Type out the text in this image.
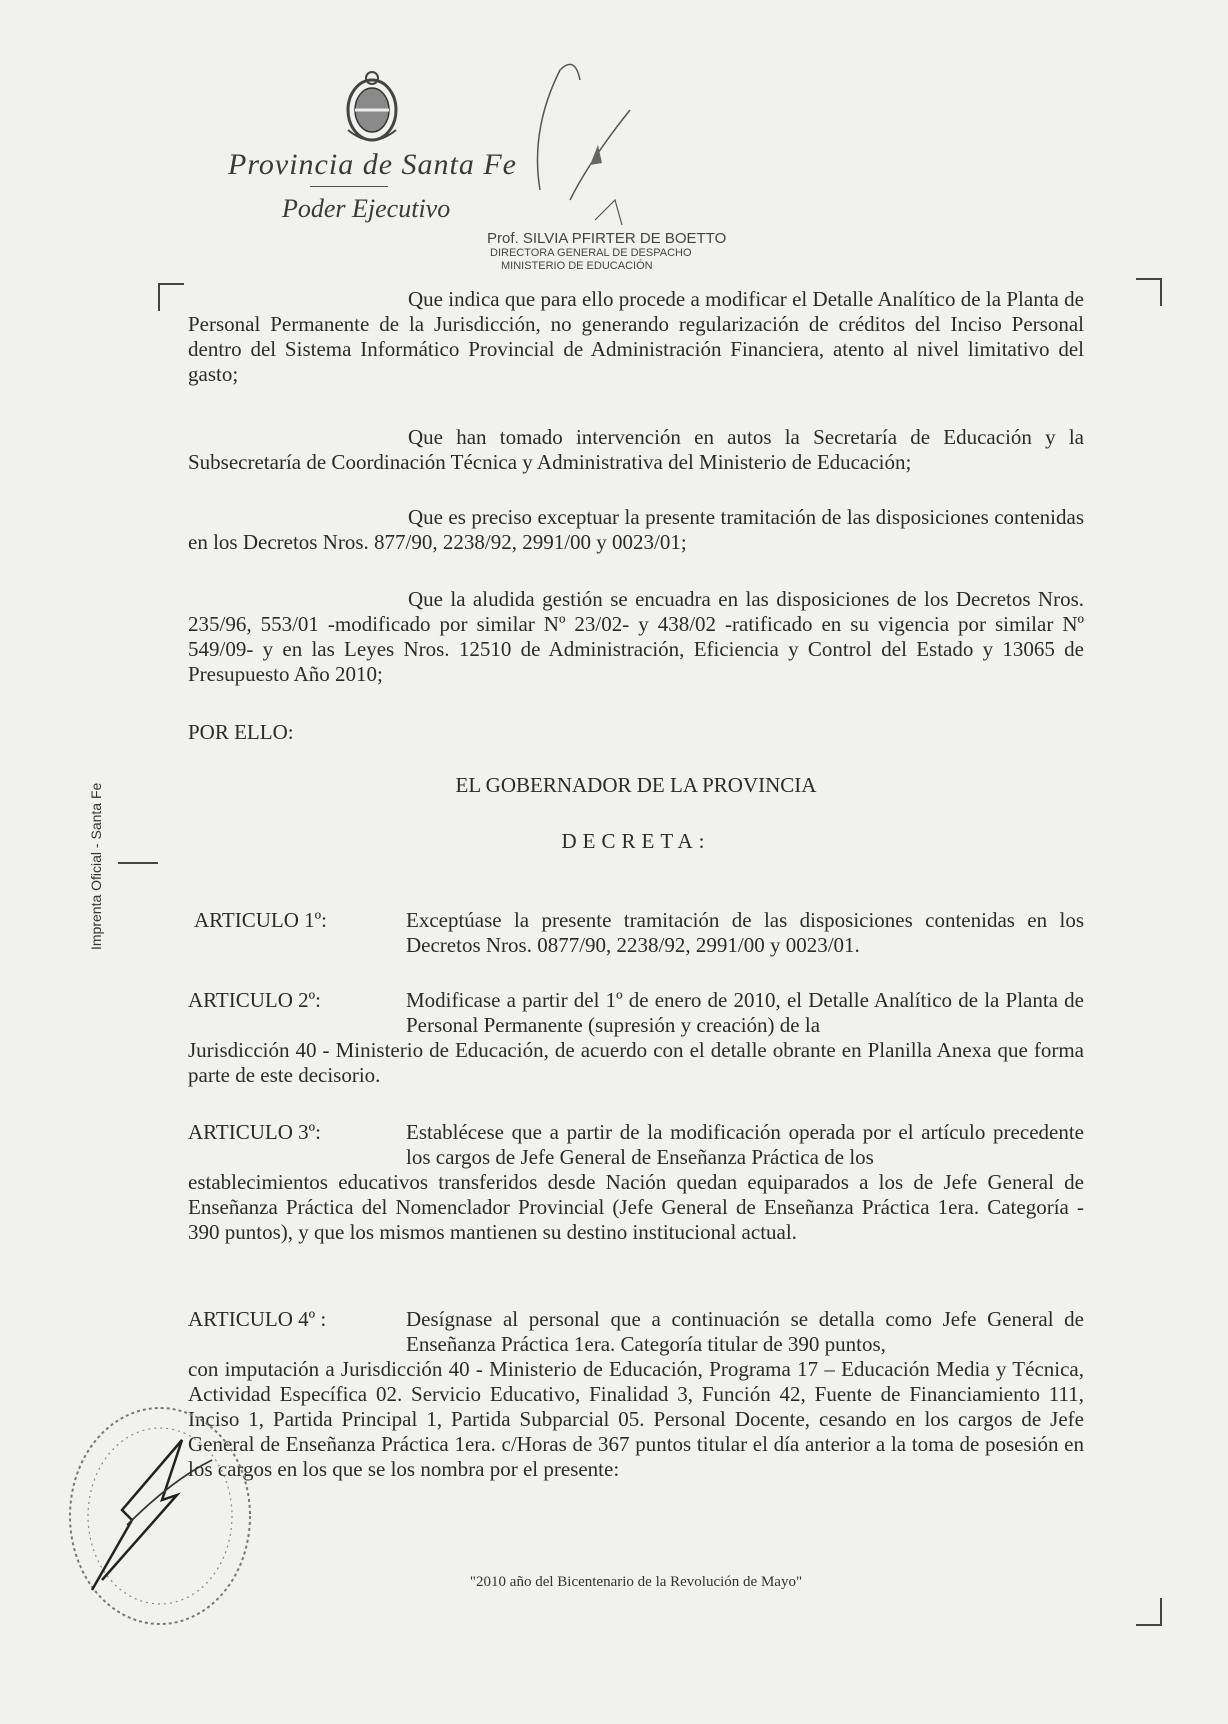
Provincia de Santa Fe
Poder Ejecutivo
Prof. SILVIA PFIRTER DE BOETTO
DIRECTORA GENERAL DE DESPACHO
MINISTERIO DE EDUCACIÓN
Imprenta Oficial - Santa Fe
Que indica que para ello procede a modificar el Detalle Analítico de la Planta de Personal Permanente de la Jurisdicción, no generando regularización de créditos del Inciso Personal dentro del Sistema Informático Provincial de Administración Financiera, atento al nivel limitativo del gasto;
Que han tomado intervención en autos la Secretaría de Educación y la Subsecretaría de Coordinación Técnica y Administrativa del Ministerio de Educación;
Que es preciso exceptuar la presente tramitación de las disposiciones contenidas en los Decretos Nros. 877/90, 2238/92, 2991/00 y 0023/01;
Que la aludida gestión se encuadra en las disposiciones de los Decretos Nros. 235/96, 553/01 -modificado por similar Nº 23/02- y 438/02 -ratificado en su vigencia por similar Nº 549/09- y en las Leyes Nros. 12510 de Administración, Eficiencia y Control del Estado y 13065 de Presupuesto Año 2010;
POR ELLO:
EL GOBERNADOR DE LA PROVINCIA
DECRETA:
ARTICULO 1º:	Exceptúase la presente tramitación de las disposiciones contenidas en los Decretos Nros. 0877/90, 2238/92, 2991/00 y 0023/01.
ARTICULO 2º:	Modificase a partir del 1º de enero de 2010, el Detalle Analítico de la Planta de Personal Permanente (supresión y creación) de la
Jurisdicción 40 - Ministerio de Educación, de acuerdo con el detalle obrante en Planilla Anexa que forma parte de este decisorio.
ARTICULO 3º:	Establécese que a partir de la modificación operada por el artículo precedente los cargos de Jefe General de Enseñanza Práctica de los
establecimientos educativos transferidos desde Nación quedan equiparados a los de Jefe General de Enseñanza Práctica del Nomenclador Provincial (Jefe General de Enseñanza Práctica 1era. Categoría - 390 puntos), y que los mismos mantienen su destino institucional actual.
ARTICULO 4º :	Desígnase al personal que a continuación se detalla como Jefe General de Enseñanza Práctica 1era. Categoría titular de 390 puntos,
con imputación a Jurisdicción 40 - Ministerio de Educación, Programa 17 – Educación Media y Técnica, Actividad Específica 02. Servicio Educativo, Finalidad 3, Función 42, Fuente de Financiamiento 111, Inciso 1, Partida Principal 1, Partida Subparcial 05. Personal Docente, cesando en los cargos de Jefe General de Enseñanza Práctica 1era. c/Horas de 367 puntos titular el día anterior a la toma de posesión en los cargos en los que se los nombra por el presente:
"2010 año del Bicentenario de la Revolución de Mayo"
